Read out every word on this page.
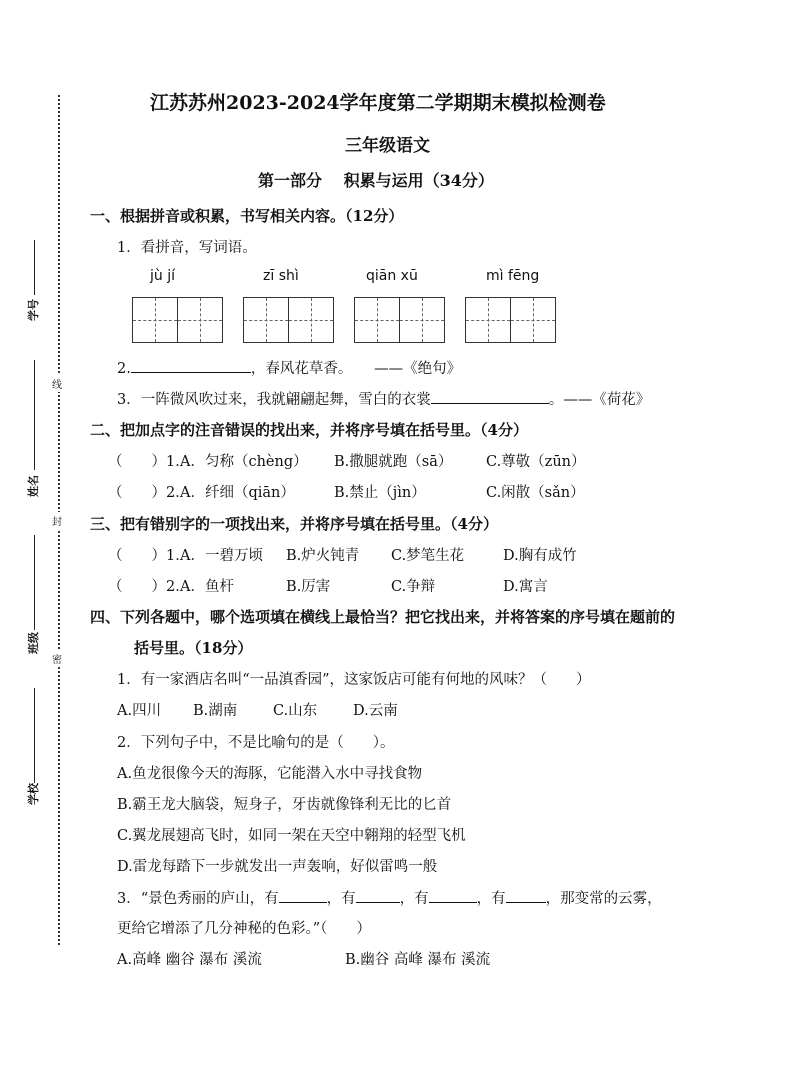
线
封
密
学号
姓名
班级
学校
江苏苏州2023-2024学年度第二学期期末模拟检测卷
三年级语文
第一部分　 积累与运用（34分）
一、根据拼音或积累，书写相关内容。（12分）
1．看拼音，写词语。
jù jí	zī shì	qiān xū	mì fēng
2.	，春风花草香。　　——《绝句》
3．一阵微风吹过来，我就翩翩起舞，雪白的衣裳	。——《荷花》
二、把加点字的注音错误的找出来，并将序号填在括号里。（4分）
（　　）1．
A．匀称（chèng） B.撒腿就跑（sā） C.尊敬（zūn）
（　　）2．
A．纤细（qiān）	B.禁止（jìn）	C.闲散（sǎn）
三、把有错别字的一项找出来，并将序号填在括号里。（4分）
（　　）1．
A．一碧万顷 B.炉火钝青 C.梦笔生花	D.胸有成竹
（　　）2．
A．鱼杆	B.厉害	C.争辩	D.寓言
四、下列各题中，哪个选项填在横线上最恰当？把它找出来，并将答案的序号填在题前的
括号里。（18分）
1．有一家酒店名叫“一品滇香园”，这家饭店可能有何地的风味？（　　）
A.四川 B.湖南 C.山东 D.云南
2．下列句子中，不是比喻句的是（　　）。
A.鱼龙很像今天的海豚，它能潜入水中寻找食物
B.霸王龙大脑袋，短身子，牙齿就像锋利无比的匕首
C.翼龙展翅高飞时，如同一架在天空中翱翔的轻型飞机
D.雷龙每踏下一步就发出一声轰响，好似雷鸣一般
3．“景色秀丽的庐山，有	，有	，有	，有	，那变常的云雾，
更给它增添了几分神秘的色彩。”（　　）
A.高峰 幽谷 瀑布 溪流	B.幽谷 高峰 瀑布 溪流
